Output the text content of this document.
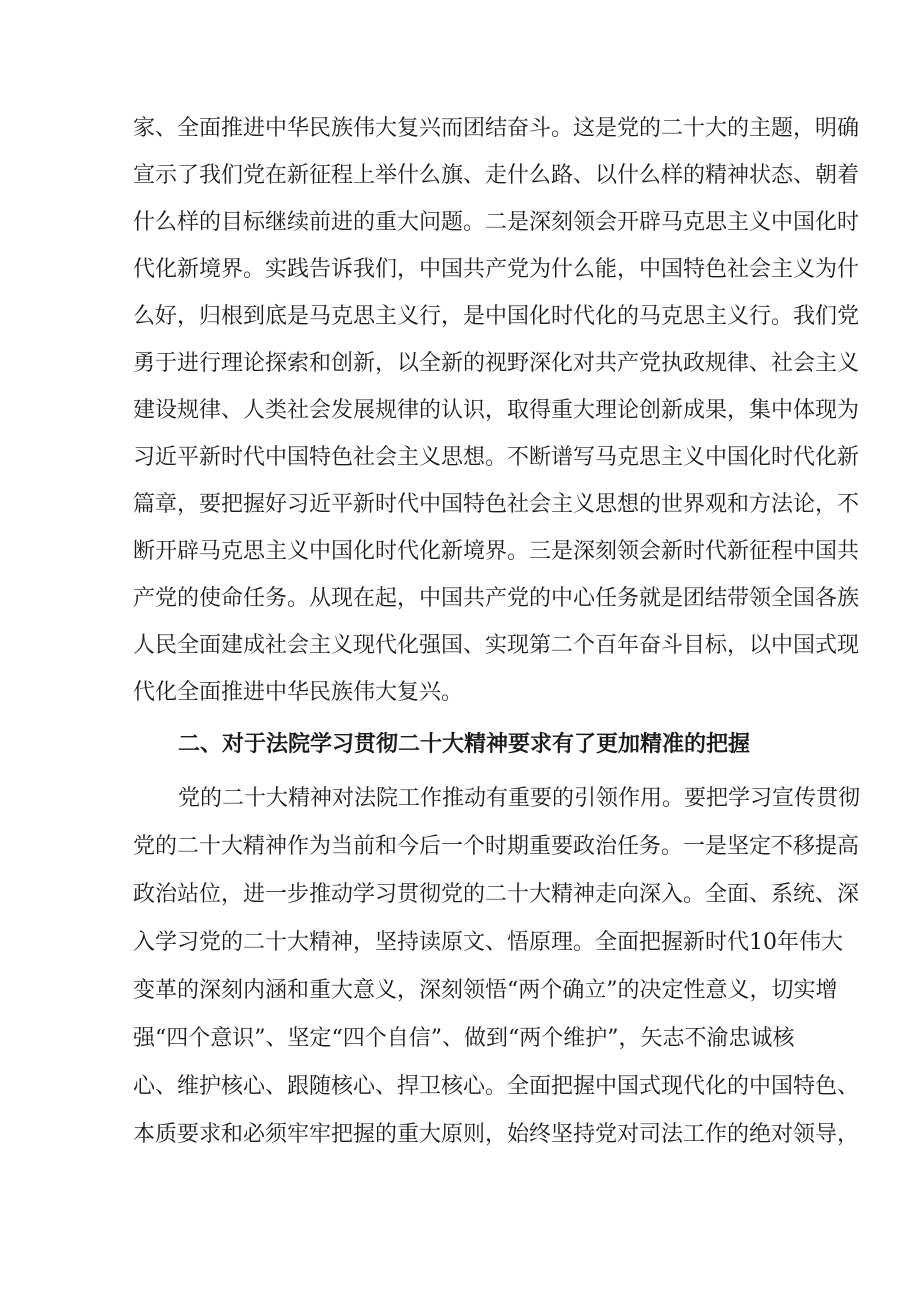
家、全面推进中华民族伟大复兴而团结奋斗。这是党的二十大的主题，明确
宣示了我们党在新征程上举什么旗、走什么路、以什么样的精神状态、朝着
什么样的目标继续前进的重大问题。二是深刻领会开辟马克思主义中国化时
代化新境界。实践告诉我们，中国共产党为什么能，中国特色社会主义为什
么好，归根到底是马克思主义行，是中国化时代化的马克思主义行。我们党
勇于进行理论探索和创新，以全新的视野深化对共产党执政规律、社会主义
建设规律、人类社会发展规律的认识，取得重大理论创新成果，集中体现为
习近平新时代中国特色社会主义思想。不断谱写马克思主义中国化时代化新
篇章，要把握好习近平新时代中国特色社会主义思想的世界观和方法论，不
断开辟马克思主义中国化时代化新境界。三是深刻领会新时代新征程中国共
产党的使命任务。从现在起，中国共产党的中心任务就是团结带领全国各族
人民全面建成社会主义现代化强国、实现第二个百年奋斗目标，以中国式现
代化全面推进中华民族伟大复兴。
二、对于法院学习贯彻二十大精神要求有了更加精准的把握
党的二十大精神对法院工作推动有重要的引领作用。要把学习宣传贯彻
党的二十大精神作为当前和今后一个时期重要政治任务。一是坚定不移提高
政治站位，进一步推动学习贯彻党的二十大精神走向深入。全面、系统、深
入学习党的二十大精神，坚持读原文、悟原理。全面把握新时代10年伟大
变革的深刻内涵和重大意义，深刻领悟“两个确立”的决定性意义，切实增
强“四个意识”、坚定“四个自信”、做到“两个维护”，矢志不渝忠诚核
心、维护核心、跟随核心、捍卫核心。全面把握中国式现代化的中国特色、
本质要求和必须牢牢把握的重大原则，始终坚持党对司法工作的绝对领导，
